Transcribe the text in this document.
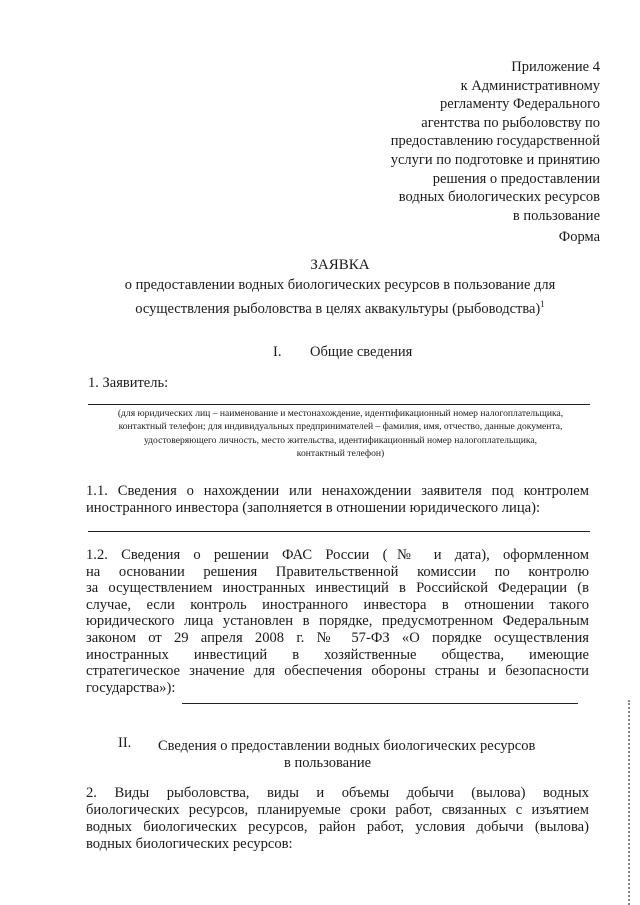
Приложение 4
к Административному
регламенту Федерального
агентства по рыболовству по
предоставлению государственной
услуги по подготовке и принятию
решения о предоставлении
водных биологических ресурсов
в пользование
Форма
ЗАЯВКА
о предоставлении водных биологических ресурсов в пользование для
осуществления рыболовства в целях аквакультуры (рыбоводства)$^1$
I. Общие сведения
1. Заявитель:
(для юридических лиц – наименование и местонахождение, идентификационный номер налогоплательщика,
контактный телефон; для индивидуальных предпринимателей – фамилия, имя, отчество, данные документа,
удостоверяющего личность, место жительства, идентификационный номер налогоплательщика,
контактный телефон)
1.1. Сведения о нахождении или ненахождении заявителя под контролем
иностранного инвестора (заполняется в отношении юридического лица):
1.2. Сведения о решении ФАС России (№ и дата), оформленном
на основании решения Правительственной комиссии по контролю
за осуществлением иностранных инвестиций в Российской Федерации (в
случае, если контроль иностранного инвестора в отношении такого
юридического лица установлен в порядке, предусмотренном Федеральным
законом от 29 апреля 2008 г. № 57-ФЗ «О порядке осуществления
иностранных инвестиций в хозяйственные общества, имеющие
стратегическое значение для обеспечения обороны страны и безопасности
государства»):
II. Сведения о предоставлении водных биологических ресурсов
в пользование
2. Виды рыболовства, виды и объемы добычи (вылова) водных
биологических ресурсов, планируемые сроки работ, связанных с изъятием
водных биологических ресурсов, район работ, условия добычи (вылова)
водных биологических ресурсов:
